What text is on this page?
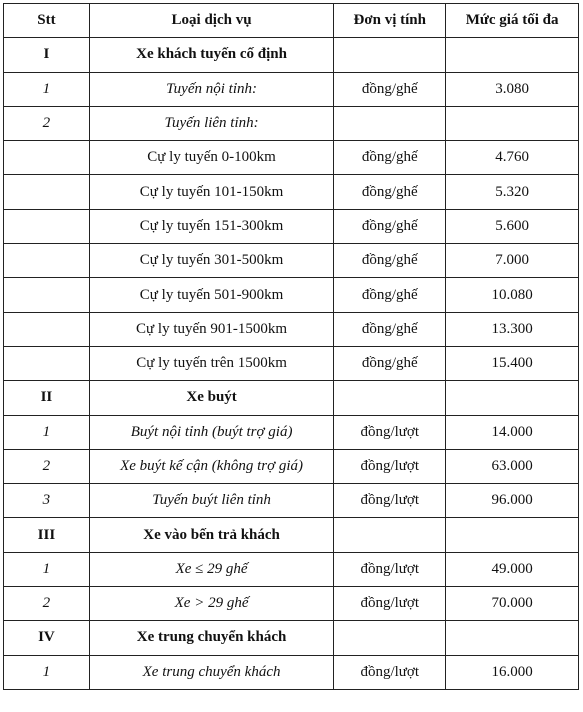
Stt	Loại dịch vụ	Đơn vị tính	Mức giá tối đa
I	Xe khách tuyến cố định		
1	Tuyến nội tỉnh:	đồng/ghế	3.080
2	Tuyến liên tỉnh:		
	Cự ly tuyến 0-100km	đồng/ghế	4.760
	Cự ly tuyến 101-150km	đồng/ghế	5.320
	Cự ly tuyến 151-300km	đồng/ghế	5.600
	Cự ly tuyến 301-500km	đồng/ghế	7.000
	Cự ly tuyến 501-900km	đồng/ghế	10.080
	Cự ly tuyến 901-1500km	đồng/ghế	13.300
	Cự ly tuyến trên 1500km	đồng/ghế	15.400
II	Xe buýt		
1	Buýt nội tỉnh (buýt trợ giá)	đồng/lượt	14.000
2	Xe buýt kế cận (không trợ giá)	đồng/lượt	63.000
3	Tuyến buýt liên tỉnh	đồng/lượt	96.000
III	Xe vào bến trả khách		
1	Xe ≤ 29 ghế	đồng/lượt	49.000
2	Xe > 29 ghế	đồng/lượt	70.000
IV	Xe trung chuyển khách		
1	Xe trung chuyển khách	đồng/lượt	16.000
